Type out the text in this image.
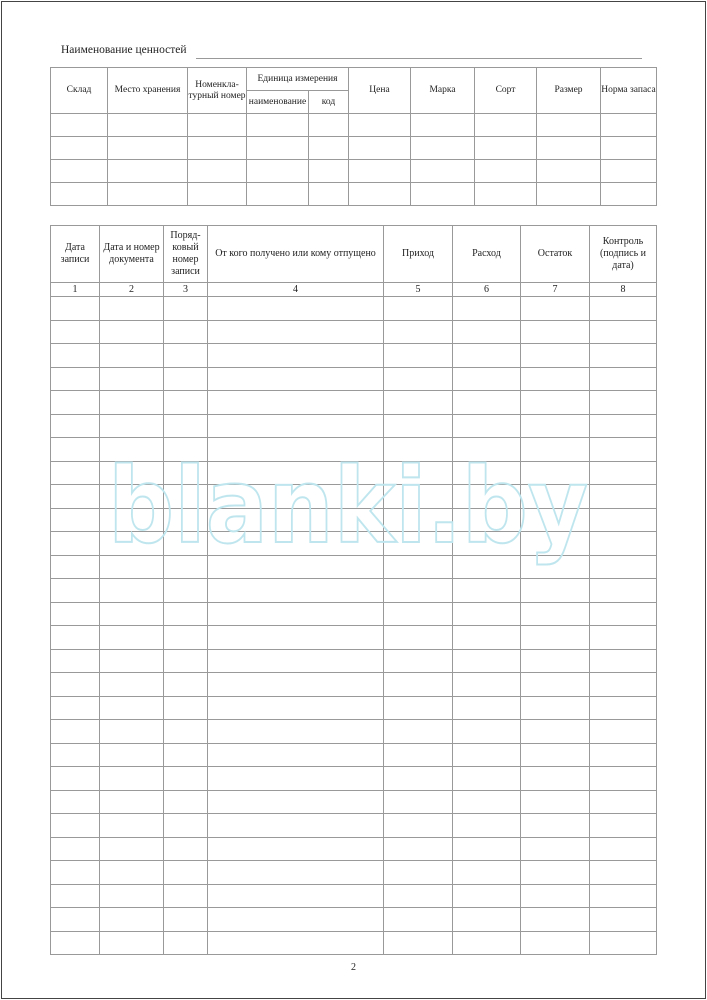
Наименование ценностей
Склад	Место хранения	Номенкла-турный номер	Единица измерения		Цена	Марка	Сорт	Размер	Норма запаса
			наименование	код					

Дата записи	Дата и номер документа	Поряд-ковый номер записи	От кого получено или кому отпущено	Приход	Расход	Остаток	Контроль (подпись и дата)
1	2	3	4	5	6	7	8

blanki.by
2
